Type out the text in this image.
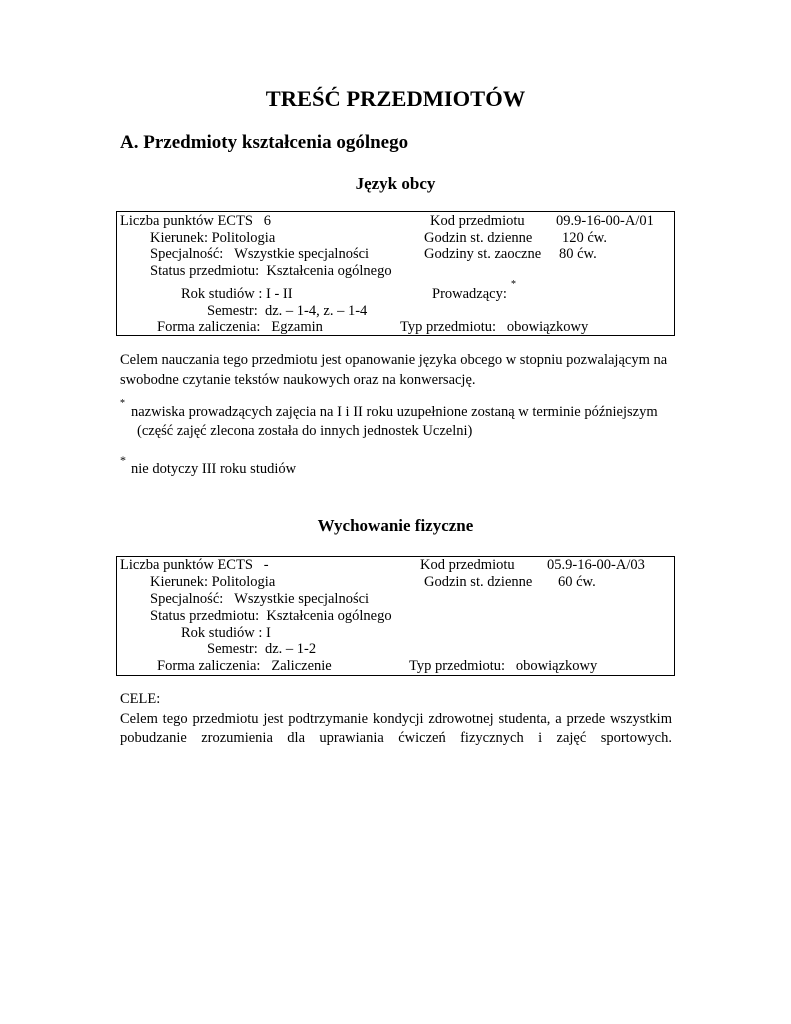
TREŚĆ PRZEDMIOTÓW
A. Przedmioty kształcenia ogólnego
Język obcy
Liczba punktów ECTS 6
Kierunek: Politologia
Specjalność: Wszystkie specjalności
Status przedmiotu: Kształcenia ogólnego
Rok studiów : I - II
Semestr: dz. – 1-4, z. – 1-4
Forma zaliczenia: Egzamin
Kod przedmiotu 09.9-16-00-A/01
Godzin st. dzienne 120 ćw.
Godziny st. zaoczne 80 ćw.
Prowadzący:
*
Typ przedmiotu: obowiązkowy
Celem nauczania tego przedmiotu jest opanowanie języka obcego w stopniu pozwalającym na swobodne czytanie tekstów naukowych oraz na konwersację.
*
nazwiska prowadzących zajęcia na I i II roku uzupełnione zostaną w terminie późniejszym
(część zajęć zlecona została do innych jednostek Uczelni)
*
nie dotyczy III roku studiów
Wychowanie fizyczne
Liczba punktów ECTS -
Kierunek: Politologia
Specjalność: Wszystkie specjalności
Status przedmiotu: Kształcenia ogólnego
Rok studiów : I
Semestr: dz. – 1-2
Forma zaliczenia: Zaliczenie
Kod przedmiotu 05.9-16-00-A/03
Godzin st. dzienne 60 ćw.
Typ przedmiotu: obowiązkowy
CELE:
Celem tego przedmiotu jest podtrzymanie kondycji zdrowotnej studenta, a przede wszystkim
pobudzanie zrozumienia dla uprawiania ćwiczeń fizycznych i zajęć sportowych.
